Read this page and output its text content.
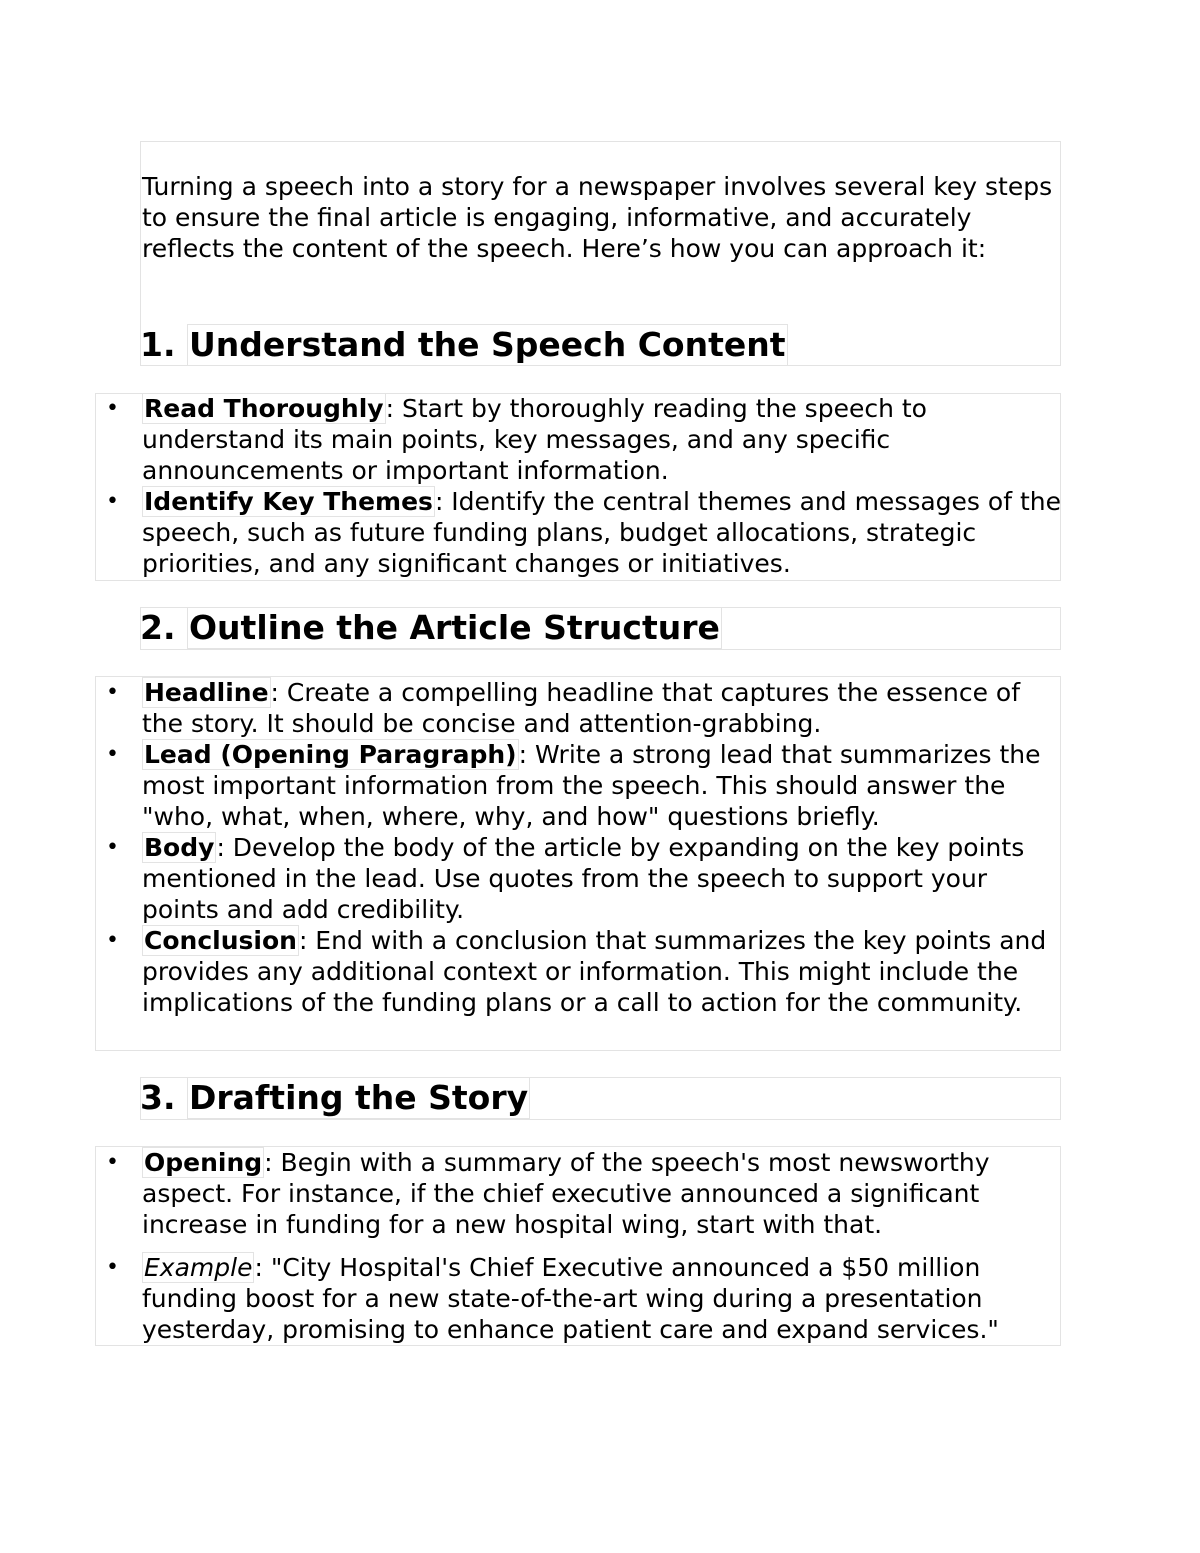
Turning a speech into a story for a newspaper involves several key steps to ensure the final article is engaging, informative, and accurately reflects the content of the speech. Here’s how you can approach it:

1. Understand the Speech Content
• Read Thoroughly: Start by thoroughly reading the speech to understand its main points, key messages, and any specific announcements or important information.
• Identify Key Themes: Identify the central themes and messages of the speech, such as future funding plans, budget allocations, strategic priorities, and any significant changes or initiatives.
2. Outline the Article Structure
• Headline: Create a compelling headline that captures the essence of the story. It should be concise and attention-grabbing.
• Lead (Opening Paragraph): Write a strong lead that summarizes the most important information from the speech. This should answer the "who, what, when, where, why, and how" questions briefly.
• Body: Develop the body of the article by expanding on the key points mentioned in the lead. Use quotes from the speech to support your points and add credibility.
• Conclusion: End with a conclusion that summarizes the key points and provides any additional context or information. This might include the implications of the funding plans or a call to action for the community.
3. Drafting the Story
• Opening: Begin with a summary of the speech's most newsworthy aspect. For instance, if the chief executive announced a significant increase in funding for a new hospital wing, start with that.
• Example: "City Hospital's Chief Executive announced a $50 million funding boost for a new state-of-the-art wing during a presentation yesterday, promising to enhance patient care and expand services."
